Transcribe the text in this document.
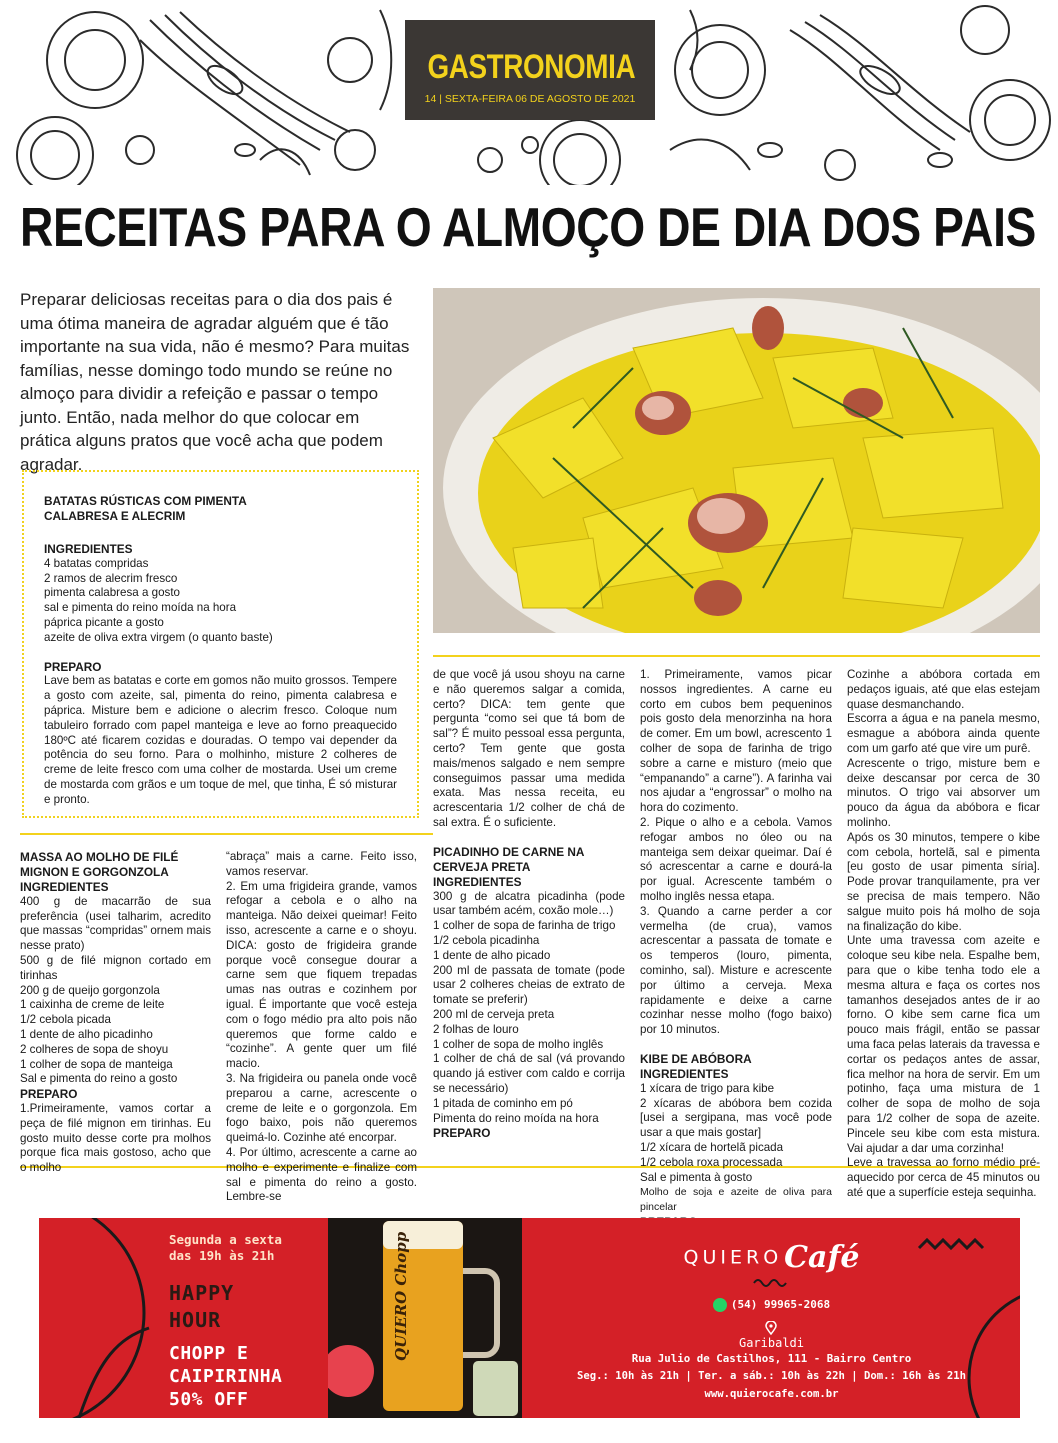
GASTRONOMIA
14 | SEXTA-FEIRA 06 DE AGOSTO DE 2021
RECEITAS PARA O ALMOÇO DE DIA DOS PAIS

Preparar deliciosas receitas para o dia dos pais é uma ótima maneira de agradar alguém que é tão importante na sua vida, não é mesmo? Para muitas famílias, nesse domingo todo mundo se reúne no almoço para dividir a refeição e passar o tempo junto. Então, nada melhor do que colocar em prática alguns pratos que você acha que podem agradar.

BATATAS RÚSTICAS COM PIMENTA

CALABRESA E ALECRIM

INGREDIENTES

4 batatas compridas

2 ramos de alecrim fresco

pimenta calabresa a gosto

sal e pimenta do reino moída na hora

páprica picante a gosto

azeite de oliva extra virgem (o quanto baste)

PREPARO

Lave bem as batatas e corte em gomos não muito grossos. Tempere a gosto com azeite, sal, pimenta do reino, pimenta calabresa e páprica. Misture bem e adicione o alecrim fresco. Coloque num tabuleiro forrado com papel manteiga e leve ao forno preaquecido 180ºC até ficarem cozidas e douradas. O tempo vai depender da potência do seu forno. Para o molhinho, misture 2 colheres de creme de leite fresco com uma colher de mostarda. Usei um creme de mostarda com grãos e um toque de mel, que tinha, É só misturar e pronto.

MASSA AO MOLHO DE FILÉ

MIGNON E GORGONZOLA

INGREDIENTES

400 g de macarrão de sua preferência (usei talharim, acredito que massas “compridas” ornem mais nesse prato)

500 g de filé mignon cortado em tirinhas

200 g de queijo gorgonzola

1 caixinha de creme de leite

1/2 cebola picada

1 dente de alho picadinho

2 colheres de sopa de shoyu

1 colher de sopa de manteiga

Sal e pimenta do reino a gosto

PREPARO

1.Primeiramente, vamos cortar a peça de filé mignon em tirinhas. Eu gosto muito desse corte pra molhos porque fica mais gostoso, acho que o molho

“abraça” mais a carne. Feito isso, vamos reservar.

2. Em uma frigideira grande, vamos refogar a cebola e o alho na manteiga. Não deixei queimar! Feito isso, acrescente a carne e o shoyu. DICA: gosto de frigideira grande porque você consegue dourar a carne sem que fiquem trepadas umas nas outras e cozinhem por igual. É importante que você esteja com o fogo médio pra alto pois não queremos que forme caldo e “cozinhe”. A gente quer um filé macio.

3. Na frigideira ou panela onde você preparou a carne, acrescente o creme de leite e o gorgonzola. Em fogo baixo, pois não queremos queimá-lo. Cozinhe até encorpar.

4. Por último, acrescente a carne ao molho e experimente e finalize com sal e pimenta do reino a gosto. Lembre-se

de que você já usou shoyu na carne e não queremos salgar a comida, certo? DICA: tem gente que pergunta “como sei que tá bom de sal”? É muito pessoal essa pergunta, certo? Tem gente que gosta mais/menos salgado e nem sempre conseguimos passar uma medida exata. Mas nessa receita, eu acrescentaria 1/2 colher de chá de sal extra. É o suficiente.

PICADINHO DE CARNE NA

CERVEJA PRETA

INGREDIENTES

300 g de alcatra picadinha (pode usar também acém, coxão mole…)

1 colher de sopa de farinha de trigo

1/2 cebola picadinha

1 dente de alho picado

200 ml de passata de tomate (pode usar 2 colheres cheias de extrato de tomate se preferir)

200 ml de cerveja preta

2 folhas de louro

1 colher de sopa de molho inglês

1 colher de chá de sal (vá provando quando já estiver com caldo e corrija se necessário)

1 pitada de cominho em pó

Pimenta do reino moída na hora

PREPARO

1. Primeiramente, vamos picar nossos ingredientes. A carne eu corto em cubos bem pequeninos pois gosto dela menorzinha na hora de comer. Em um bowl, acrescento 1 colher de sopa de farinha de trigo sobre a carne e misturo (meio que “empanando” a carne”). A farinha vai nos ajudar a “engrossar” o molho na hora do cozimento.

2. Pique o alho e a cebola. Vamos refogar ambos no óleo ou na manteiga sem deixar queimar. Daí é só acrescentar a carne e dourá-la por igual. Acrescente também o molho inglês nessa etapa.

3. Quando a carne perder a cor vermelha (de crua), vamos acrescentar a passata de tomate e os temperos (louro, pimenta, cominho, sal). Misture e acrescente por último a cerveja. Mexa rapidamente e deixe a carne cozinhar nesse molho (fogo baixo) por 10 minutos.

KIBE DE ABÓBORA

INGREDIENTES

1 xícara de trigo para kibe

2 xícaras de abóbora bem cozida [usei a sergipana, mas você pode usar a que mais gostar]

1/2 xícara de hortelã picada

1/2 cebola roxa processada

Sal e pimenta à gosto

Molho de soja e azeite de oliva para pincelar

Cozinhe a abóbora cortada em pedaços iguais, até que elas estejam quase desmanchando.

Escorra a água e na panela mesmo, esmague a abóbora ainda quente com um garfo até que vire um purê.

Acrescente o trigo, misture bem e deixe descansar por cerca de 30 minutos. O trigo vai absorver um pouco da água da abóbora e ficar molinho.

Após os 30 minutos, tempere o kibe com cebola, hortelã, sal e pimenta [eu gosto de usar pimenta síria]. Pode provar tranquilamente, pra ver se precisa de mais tempero. Não salgue muito pois há molho de soja na finalização do kibe.

Unte uma travessa com azeite e coloque seu kibe nela. Espalhe bem, para que o kibe tenha todo ele a mesma altura e faça os cortes nos tamanhos desejados antes de ir ao forno. O kibe sem carne fica um pouco mais frágil, então se passar uma faca pelas laterais da travessa e cortar os pedaços antes de assar, fica melhor na hora de servir. Em um potinho, faça uma mistura de 1 colher de sopa de molho de soja para 1/2 colher de sopa de azeite. Pincele seu kibe com esta mistura. Vai ajudar a dar uma corzinha!

Leve a travessa ao forno médio pré-aquecido por cerca de 45 minutos ou até que a superfície esteja sequinha.

Segunda a sexta

das 19h às 21h

HAPPY

HOUR

CHOPP E

CAIPIRINHA

50% OFF

QUIERO Chopp	QUIEROCafé
(54) 99965-2068

Garibaldi

Rua Julio de Castilhos, 111 - Bairro Centro

Seg.: 10h às 21h | Ter. a sáb.: 10h às 22h | Dom.: 16h às 21h

www.quierocafe.com.br
